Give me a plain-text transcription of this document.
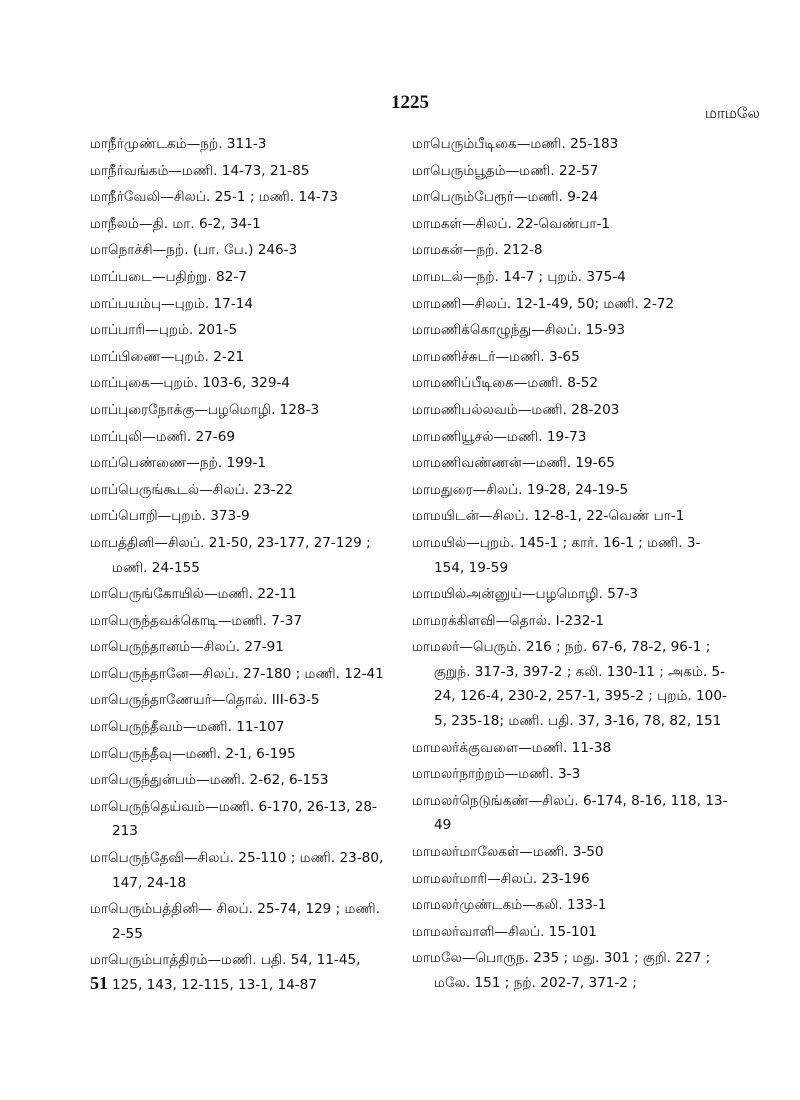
1225	மாமலே
மாநீர்முண்டகம்—நற். 311-3
மாநீர்வங்கம்—மணி. 14-73, 21-85
மாநீர்வேலி—சிலப். 25-1 ; மணி. 14-73
மாநீலம்—தி. மா. 6-2, 34-1
மாநொச்சி—நற். (பா. பே.) 246-3
மாப்படை—பதிற்று. 82-7
மாப்பயம்பு—புறம். 17-14
மாப்பாரி—புறம். 201-5
மாப்பிணை—புறம். 2-21
மாப்புகை—புறம். 103-6, 329-4
மாப்புரைநோக்கு—பழமொழி. 128-3
மாப்புலி—மணி. 27-69
மாப்பெண்ணை—நற். 199-1
மாப்பெருங்கூடல்—சிலப். 23-22
மாப்பொறி—புறம். 373-9
மாபத்தினி—சிலப். 21-50, 23-177, 27-129 ; மணி. 24-155
மாபெருங்கோயில்—மணி. 22-11
மாபெருந்தவக்கொடி—மணி. 7-37
மாபெருந்தானம்—சிலப். 27-91
மாபெருந்தானே—சிலப். 27-180 ; மணி. 12-41
மாபெருந்தாணேயர்—தொல். III-63-5
மாபெருந்தீவம்—மணி. 11-107
மாபெருந்தீவு—மணி. 2-1, 6-195
மாபெருந்துன்பம்—மணி. 2-62, 6-153
மாபெருந்தெய்வம்—மணி. 6-170, 26-13, 28-213
மாபெருந்தேவி—சிலப். 25-110 ; மணி. 23-80, 147, 24-18
மாபெரும்பத்தினி— சிலப். 25-74, 129 ; மணி. 2-55
மாபெரும்பாத்திரம்—மணி. பதி. 54, 11-45, 125, 143, 12-115, 13-1, 14-87
மாபெரும்பீடிகை—மணி. 25-183
மாபெரும்பூதம்—மணி. 22-57
மாபெரும்பேரூர்—மணி. 9-24
மாமகள்—சிலப். 22-வெண்பா-1
மாமகன்—நற். 212-8
மாமடல்—நற். 14-7 ; புறம். 375-4
மாமணி—சிலப். 12-1-49, 50; மணி. 2-72
மாமணிக்கொழுந்து—சிலப். 15-93
மாமணிச்சுடர்—மணி. 3-65
மாமணிப்பீடிகை—மணி. 8-52
மாமணிபல்லவம்—மணி. 28-203
மாமணியூசல்—மணி. 19-73
மாமணிவண்ணன்—மணி. 19-65
மாமதுரை—சிலப். 19-28, 24-19-5
மாமயிடன்—சிலப். 12-8-1, 22-வெண் பா-1
மாமயில்—புறம். 145-1 ; கார். 16-1 ; மணி. 3-154, 19-59
மாமயில்அன்னுய்—பழமொழி. 57-3
மாமரக்கிளவி—தொல். I-232-1
மாமலர்—பெரும். 216 ; நற். 67-6, 78-2, 96-1 ; குறுந். 317-3, 397-2 ; கலி. 130-11 ; அகம். 5-24, 126-4, 230-2, 257-1, 395-2 ; புறம். 100-5, 235-18; மணி. பதி. 37, 3-16, 78, 82, 151
மாமலர்க்குவளை—மணி. 11-38
மாமலர்நாற்றம்—மணி. 3-3
மாமலர்நெடுங்கண்—சிலப். 6-174, 8-16, 118, 13-49
மாமலர்மாலேகள்—மணி. 3-50
மாமலர்மாரி—சிலப். 23-196
மாமலர்முண்டகம்—கலி. 133-1
மாமலர்வாளி—சிலப். 15-101
மாமலே—பொருந. 235 ; மது. 301 ; குறி. 227 ; மலே. 151 ; நற். 202-7, 371-2 ;
51
